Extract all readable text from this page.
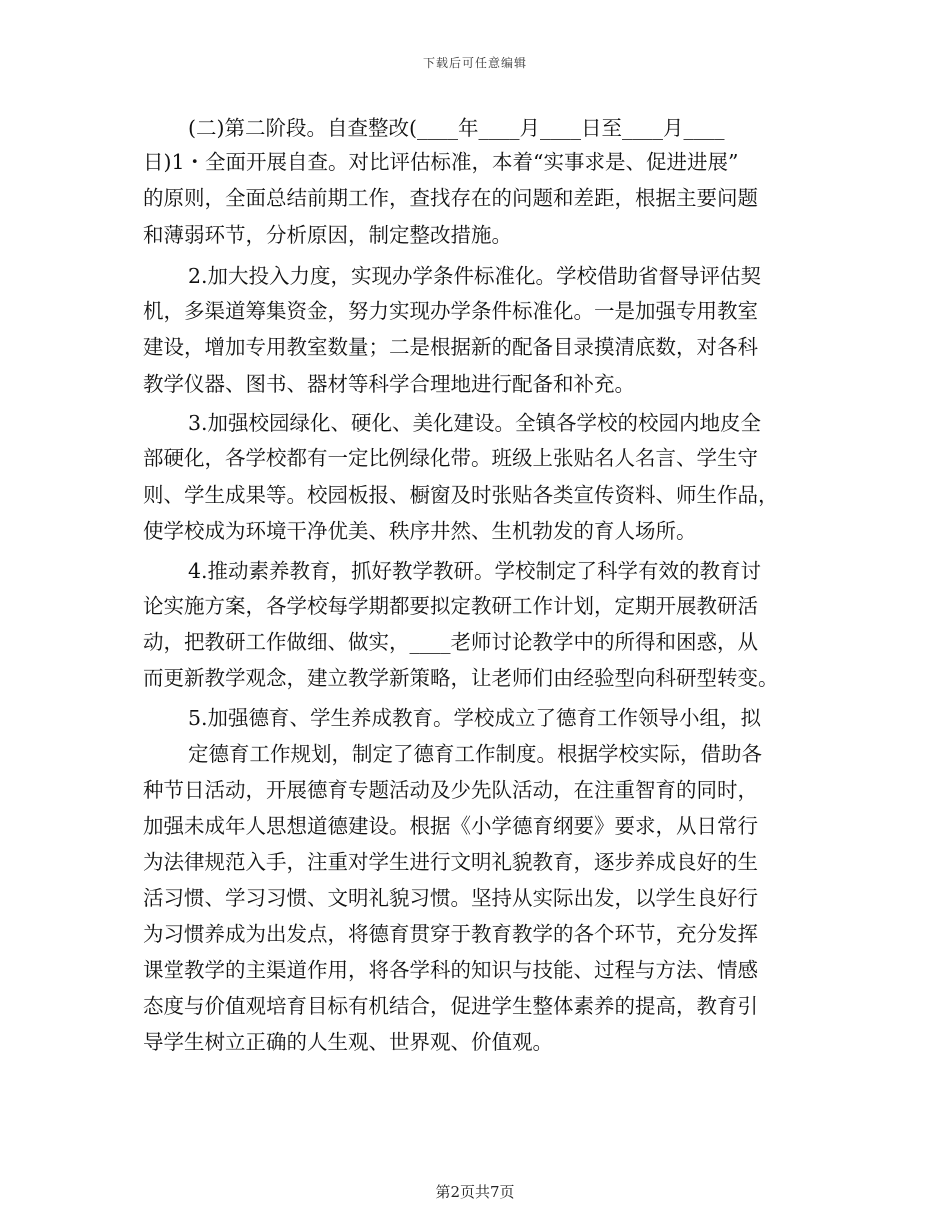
下载后可任意编辑
(二)第二阶段。自查整改(____年____月____日至____月____
日)1・全面开展自查。对比评估标准，本着“实事求是、促进进展”
的原则，全面总结前期工作，查找存在的问题和差距，根据主要问题
和薄弱环节，分析原因，制定整改措施。
2.加大投入力度，实现办学条件标准化。学校借助省督导评估契
机，多渠道筹集资金，努力实现办学条件标准化。一是加强专用教室
建设，增加专用教室数量；二是根据新的配备目录摸清底数，对各科
教学仪器、图书、器材等科学合理地进行配备和补充。
3.加强校园绿化、硬化、美化建设。全镇各学校的校园内地皮全
部硬化，各学校都有一定比例绿化带。班级上张贴名人名言、学生守
则、学生成果等。校园板报、橱窗及时张贴各类宣传资料、师生作品，
使学校成为环境干净优美、秩序井然、生机勃发的育人场所。
4.推动素养教育，抓好教学教研。学校制定了科学有效的教育讨
论实施方案，各学校每学期都要拟定教研工作计划，定期开展教研活
动，把教研工作做细、做实，____老师讨论教学中的所得和困惑，从
而更新教学观念，建立教学新策略，让老师们由经验型向科研型转变。
5.加强德育、学生养成教育。学校成立了德育工作领导小组，拟
定德育工作规划，制定了德育工作制度。根据学校实际，借助各
种节日活动，开展德育专题活动及少先队活动，在注重智育的同时，
加强未成年人思想道德建设。根据《小学德育纲要》要求，从日常行
为法律规范入手，注重对学生进行文明礼貌教育，逐步养成良好的生
活习惯、学习习惯、文明礼貌习惯。坚持从实际出发，以学生良好行
为习惯养成为出发点，将德育贯穿于教育教学的各个环节，充分发挥
课堂教学的主渠道作用，将各学科的知识与技能、过程与方法、情感
态度与价值观培育目标有机结合，促进学生整体素养的提高，教育引
导学生树立正确的人生观、世界观、价值观。
第2页共7页
